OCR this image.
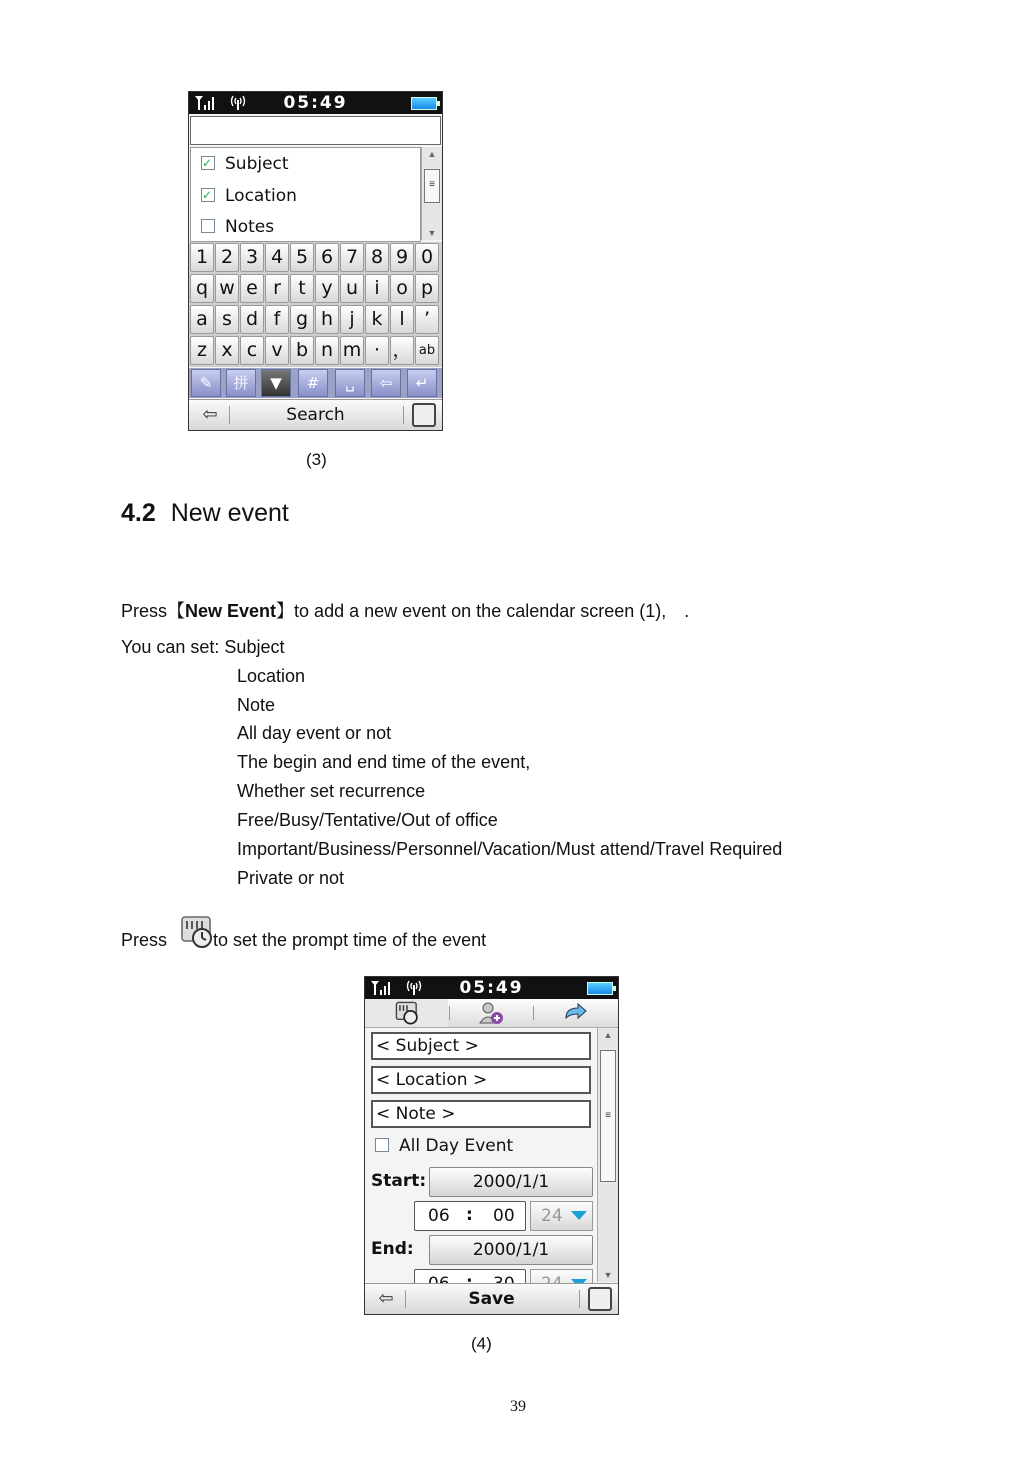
05:49
✓Subject
✓Location
Notes
▲
≡
▼
1 2 3 4 5 6 7 8 9 0
q w e r t y u i o p
a s d f g h j k l	’
z x c v b n m · ， ab
✎	拼	▼	#	␣	⇦	↵
⇦	Search
(3)
4.2 New event
Press【New Event】to add a new event on the calendar screen (1),　.
You can set: Subject
Location
Note
All day event or not
The begin and end time of the event,
Whether set recurrence
Free/Busy/Tentative/Out of office
Important/Business/Personnel/Vacation/Must attend/Travel Required
Private or not
Press	to set the prompt time of the event
05:49
< Subject >
< Location >
< Note >
All Day Event
Start:	2000/1/1
06 : 00 24
End:	2000/1/1
▲
≡
▼
⇦	Save
(4)
39
